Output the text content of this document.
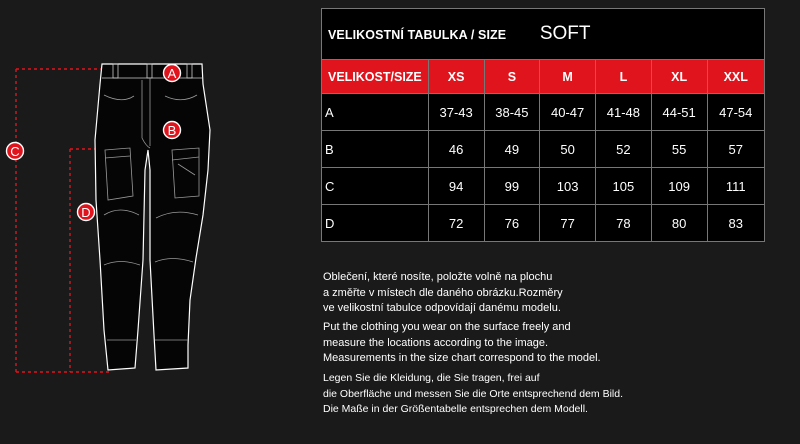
A
B
C
D
VELIKOSTNÍ TABULKA / SIZE SOFT						
VELIKOST/SIZE	XS	S	M	L	XL	XXL
A	37-43	38-45	40-47	41-48	44-51	47-54
B	46	49	50	52	55	57
C	94	99	103	105	109	111
D	72	76	77	78	80	83
Oblečení, které nosíte, položte volně na plochu
a změřte v místech dle daného obrázku.Rozměry
ve velikostní tabulce odpovídají danému modelu.
Put the clothing you wear on the surface freely and
measure the locations according to the image.
Measurements in the size chart correspond to the model.
Legen Sie die Kleidung, die Sie tragen, frei auf
die Oberfläche und messen Sie die Orte entsprechend dem Bild.
Die Maße in der Größentabelle entsprechen dem Modell.
